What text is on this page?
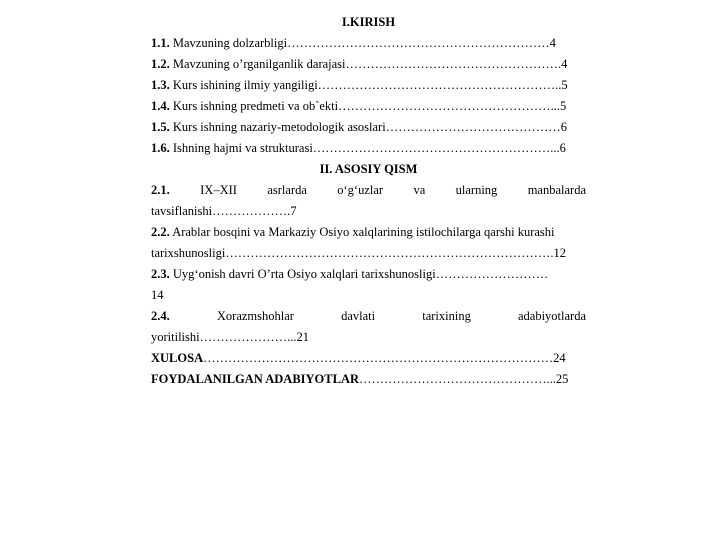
I.KIRISH
1.1. Mavzuning dolzarbligi………………………………………………………4
1.2. Mavzuning o’rganilganlik darajasi…………………………………………….4
1.3. Kurs ishining ilmiy yangiligi…………………………………………………..5
1.4. Kurs ishning predmeti va ob`ekti……………………………………………...5
1.5. Kurs ishning nazariy-metodologik asoslari……………………………………6
1.6. Ishning hajmi va strukturasi…………………………………………………...6
II. ASOSIY QISM
2.1. IX–XII asrlarda o‘g‘uzlar va ularning manbalarda
tavsiflanishi……………….7
2.2. Arablar bosqini va Markaziy Osiyo xalqlarining istilochilarga qarshi kurashi
tarixshunosligi…………………………………………………………………….12
2.3. Uyg‘onish davri O’rta Osiyo xalqlari tarixshunosligi………………………
14
2.4.	Xorazmshohlar davlati tarixining adabiyotlarda
yoritilishi…………………...21
XULOSA…………………………………………………………………………24
FOYDALANILGAN ADABIYOTLAR………………………………………...25
